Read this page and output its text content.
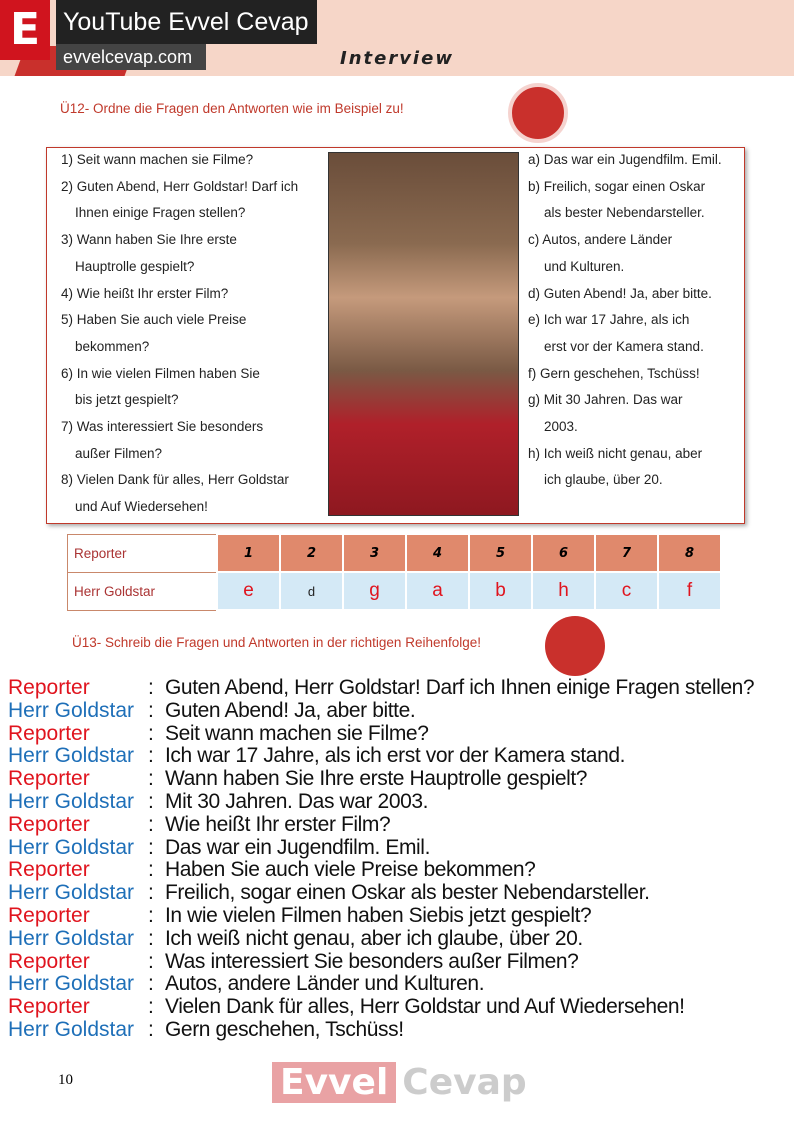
E YouTube Evvel Cevap
evvelcevap.com	Interview
Ü12- Ordne die Fragen den Antworten wie im Beispiel zu!
1) Seit wann machen sie Filme?
2) Guten Abend, Herr Goldstar! Darf ich
Ihnen einige Fragen stellen?
3) Wann haben Sie Ihre erste
Hauptrolle gespielt?
4) Wie heißt Ihr erster Film?
5) Haben Sie auch viele Preise
bekommen?
6) In wie vielen Filmen haben Sie
bis jetzt gespielt?
7) Was interessiert Sie besonders
außer Filmen?
8) Vielen Dank für alles, Herr Goldstar
und Auf Wiedersehen!
a) Das war ein Jugendfilm. Emil.
b) Freilich, sogar einen Oskar
als bester Nebendarsteller.
c) Autos, andere Länder
und Kulturen.
d) Guten Abend! Ja, aber bitte.
e) Ich war 17 Jahre, als ich
erst vor der Kamera stand.
f) Gern geschehen, Tschüss!
g) Mit 30 Jahren. Das war
2003.
h) Ich weiß nicht genau, aber
ich glaube, über 20.
Reporter	1	2	3	4	5	6	7	8
Herr Goldstar	e	d	g	a	b	h	c	f
Ü13- Schreib die Fragen und Antworten in der richtigen Reihenfolge!
Reporter	: Guten Abend, Herr Goldstar! Darf ich Ihnen einige Fragen stellen?
Herr Goldstar : Guten Abend! Ja, aber bitte.
Reporter	: Seit wann machen sie Filme?
Herr Goldstar : Ich war 17 Jahre, als ich erst vor der Kamera stand.
Reporter	: Wann haben Sie Ihre erste Hauptrolle gespielt?
Herr Goldstar : Mit 30 Jahren. Das war 2003.
Reporter	: Wie heißt Ihr erster Film?
Herr Goldstar : Das war ein Jugendfilm. Emil.
Reporter	: Haben Sie auch viele Preise bekommen?
Herr Goldstar : Freilich, sogar einen Oskar als bester Nebendarsteller.
Reporter	: In wie vielen Filmen haben Siebis jetzt gespielt?
Herr Goldstar : Ich weiß nicht genau, aber ich glaube, über 20.
Reporter	: Was interessiert Sie besonders außer Filmen?
Herr Goldstar : Autos, andere Länder und Kulturen.
Reporter	: Vielen Dank für alles, Herr Goldstar und Auf Wiedersehen!
Herr Goldstar : Gern geschehen, Tschüss!
10	Evvel Cevap
